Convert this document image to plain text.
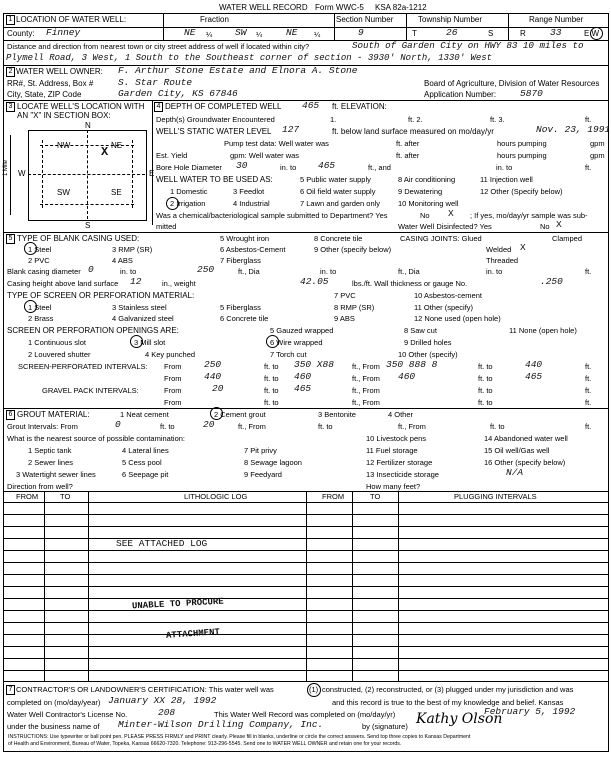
WATER WELL RECORD Form WWC-5 KSA 82a-1212
1 LOCATION OF WATER WELL:
County: Finney
Fraction
NE ¼ SW ¼ NE ¼
Section Number
9
Township Number
T	26	S
Range Number
R	33	E W
Distance and direction from nearest town or city street address of well if located within city?	South of Garden City on HWY 83 10 miles to
Plymell Road, 3 West, 1 South to the Southeast corner of section - 3930' North, 1330' West
2 WATER WELL OWNER: F. Arthur Stone Estate and Elnora A. Stone
RR#, St. Address, Box #	S. Star Route	Board of Agriculture, Division of Water Resources
City, State, ZIP Code	Garden City, KS 67846	Application Number:	5870
3 LOCATE WELL'S LOCATION WITH
AN "X" IN SECTION BOX:
N
S
W	E
NW	NE
SW	SE
X
1 Mile
4 DEPTH OF COMPLETED WELL 465 ft. ELEVATION:
Depth(s) Groundwater Encountered	1.	ft. 2.	ft. 3.	ft.
WELL'S STATIC WATER LEVEL 127	ft. below land surface measured on mo/day/yr	Nov. 23, 1991
Pump test data: Well water was	ft. after	hours pumping	gpm
Est. Yield	gpm: Well water was	ft. after	hours pumping	gpm
Bore Hole Diameter 30	in. to 465	ft., and	in. to	ft.
WELL WATER TO BE USED AS:	5 Public water supply	8 Air conditioning	11 Injection well
1 Domestic	3 Feedlot	6 Oil field water supply	9 Dewatering	12 Other (Specify below)
2 Irrigation	4 Industrial	7 Lawn and garden only 10 Monitoring well
Was a chemical/bacteriological sample submitted to Department? Yes	No X ; If yes, mo/day/yr sample was sub-
mitted	Water Well Disinfected? Yes	No X
5 TYPE OF BLANK CASING USED:	5 Wrought iron	8 Concrete tile	CASING JOINTS: Glued	Clamped
1 Steel	3 RMP (SR)	6 Asbestos-Cement	9 Other (specify below)	Welded X
2 PVC	4 ABS	7 Fiberglass	Threaded
Blank casing diameter 0	in. to	250	ft., Dia	in. to	ft., Dia	in. to	ft.
Casing height above land surface 12	in., weight	42.05	lbs./ft. Wall thickness or gauge No.	.250
TYPE OF SCREEN OR PERFORATION MATERIAL:	7 PVC	10 Asbestos-cement
1 Steel	3 Stainless steel	5 Fiberglass	8 RMP (SR)	11 Other (specify)
2 Brass	4 Galvanized steel	6 Concrete tile	9 ABS	12 None used (open hole)
SCREEN OR PERFORATION OPENINGS ARE:	5 Gauzed wrapped	8 Saw cut	11 None (open hole)
1 Continuous slot	3 Mill slot	6 Wire wrapped	9 Drilled holes
2 Louvered shutter	4 Key punched	7 Torch cut	10 Other (specify)
SCREEN-PERFORATED INTERVALS: From 250	ft. to 350 X88 ft., From 350 888 8	ft. to	440	ft.
From 440	ft. to 460	ft., From 460	ft. to	465	ft.
GRAVEL PACK INTERVALS:	From	20	ft. to 465	ft., From	ft. to	ft.
From	ft. to	ft., From	ft. to	ft.
6 GROUT MATERIAL:	1 Neat cement	2 Cement grout	3 Bentonite	4 Other
Grout Intervals: From	0	ft. to	20	ft., From	ft. to	ft., From	ft. to	ft.
What is the nearest source of possible contamination:	10 Livestock pens	14 Abandoned water well
1 Septic tank	4 Lateral lines	7 Pit privy	11 Fuel storage	15 Oil well/Gas well
2 Sewer lines	5 Cess pool	8 Sewage lagoon	12 Fertilizer storage	16 Other (specify below)
3 Watertight sewer lines	6 Seepage pit	9 Feedyard	13 Insecticide storage	N/A
Direction from well?	How many feet?
FROM	TO	LITHOLOGIC LOG	FROM	TO	PLUGGING INTERVALS
SEE ATTACHED LOG
UNABLE TO PROCURE
ATTACHMENT
7 CONTRACTOR'S OR LANDOWNER'S CERTIFICATION: This water well was	(1) constructed, (2) reconstructed, or (3) plugged under my jurisdiction and was
completed on (mo/day/year) January XX 28, 1992	and this record is true to the best of my knowledge and belief. Kansas
Water Well Contractor's License No.	208	This Water Well Record was completed on (mo/day/yr)	February 5, 1992
under the business name of Minter-Wilson Drilling Company, Inc.	by (signature) Kathy Olson
INSTRUCTIONS: Use typewriter or ball point pen. PLEASE PRESS FIRMLY and PRINT clearly. Please fill in blanks, underline or circle the correct answers. Send top three copies to Kansas Department
of Health and Environment, Bureau of Water, Topeka, Kansas 66620-7320. Telephone: 913-296-5545. Send one to WATER WELL OWNER and retain one for your records.
